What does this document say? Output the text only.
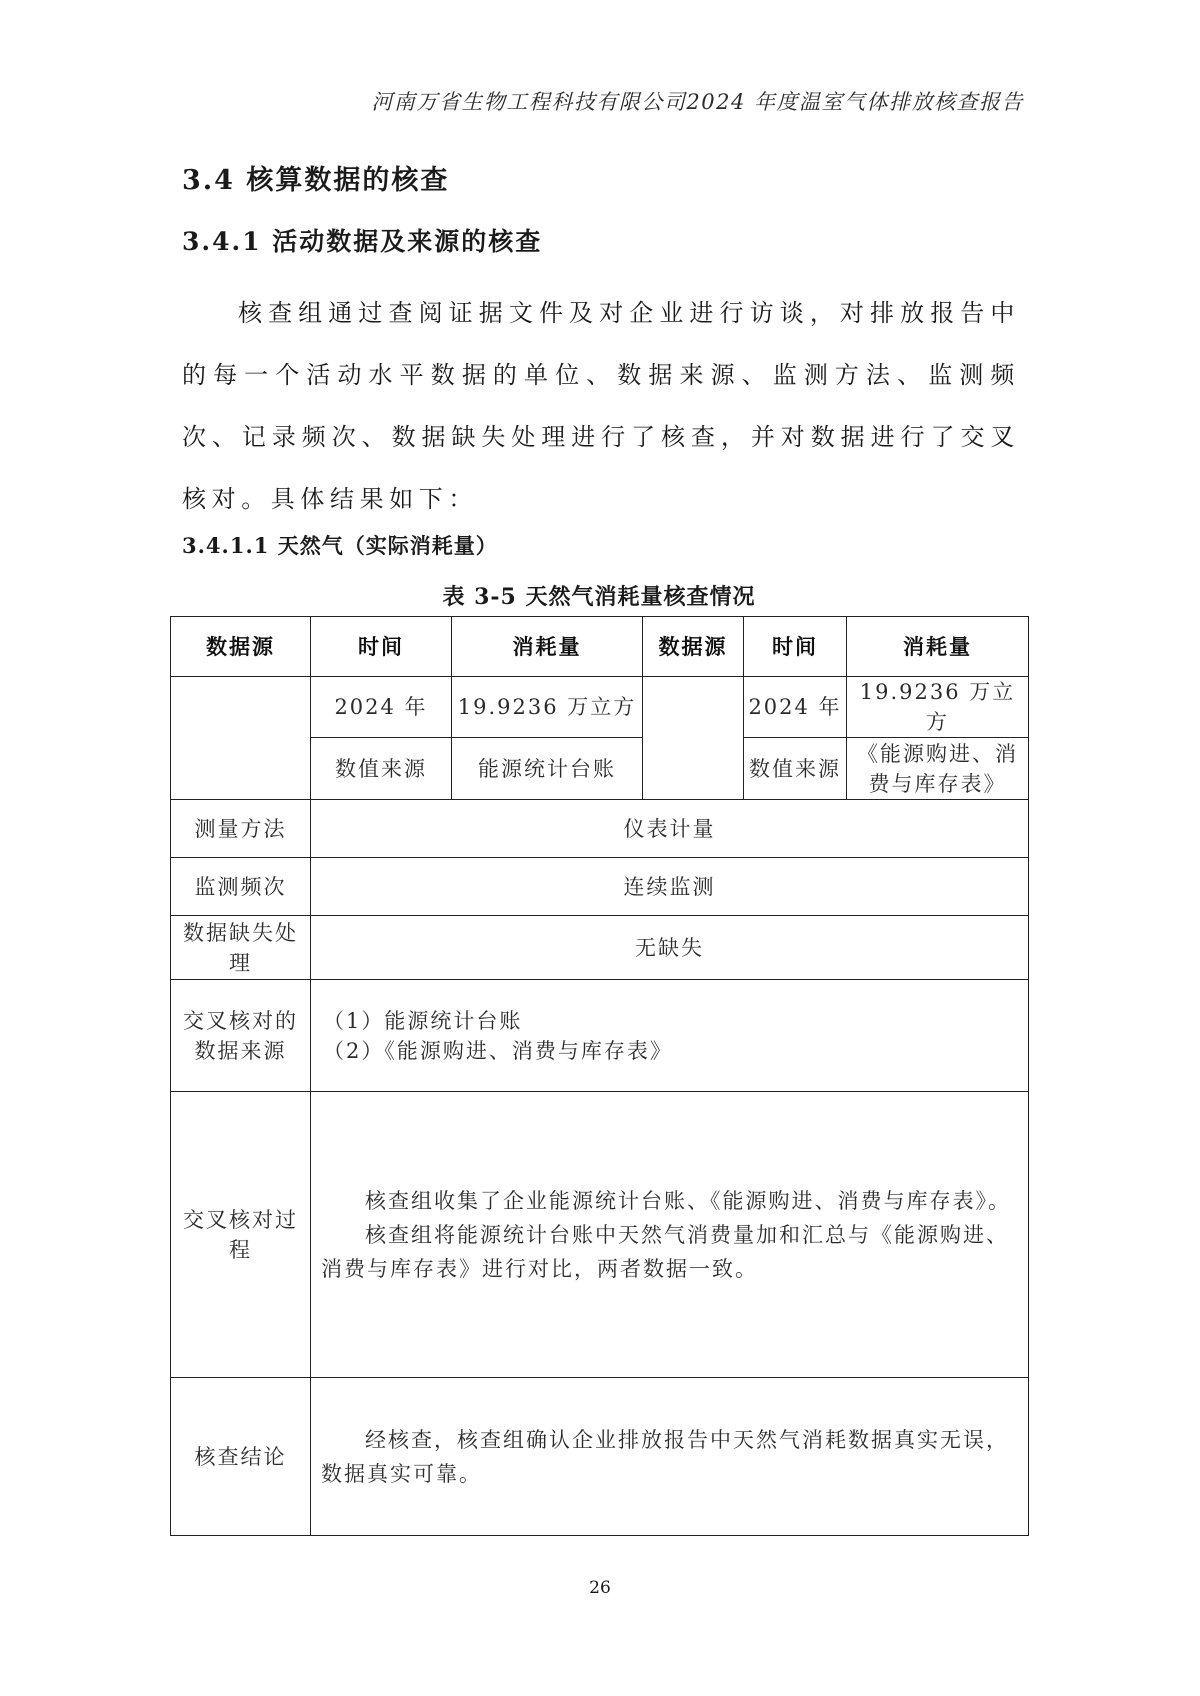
河南万省生物工程科技有限公司2024 年度温室气体排放核查报告
3.4 核算数据的核查
3.4.1 活动数据及来源的核查
核查组通过查阅证据文件及对企业进行访谈，对排放报告中的每一个活动水平数据的单位、数据来源、监测方法、监测频次、记录频次、数据缺失处理进行了核查，并对数据进行了交叉核对。具体结果如下：
3.4.1.1 天然气（实际消耗量）
表 3-5 天然气消耗量核查情况
数据源	时间	消耗量	数据源	时间	消耗量
	2024 年	19.9236 万立方		2024 年	19.9236 万立方
	数值来源	能源统计台账		数值来源	《能源购进、消费与库存表》
测量方法	仪表计量				
监测频次	连续监测				
数据缺失处理	无缺失				
交叉核对的数据来源	（1）能源统计台账
（2）《能源购进、消费与库存表》				

交叉核对过程	核查组收集了企业能源统计台账、《能源购进、消费与库存表》。

核查组将能源统计台账中天然气消费量加和汇总与《能源购进、消费与库存表》进行对比，两者数据一致。				

核查结论	经核查，核查组确认企业排放报告中天然气消耗数据真实无误，数据真实可靠。				

26
